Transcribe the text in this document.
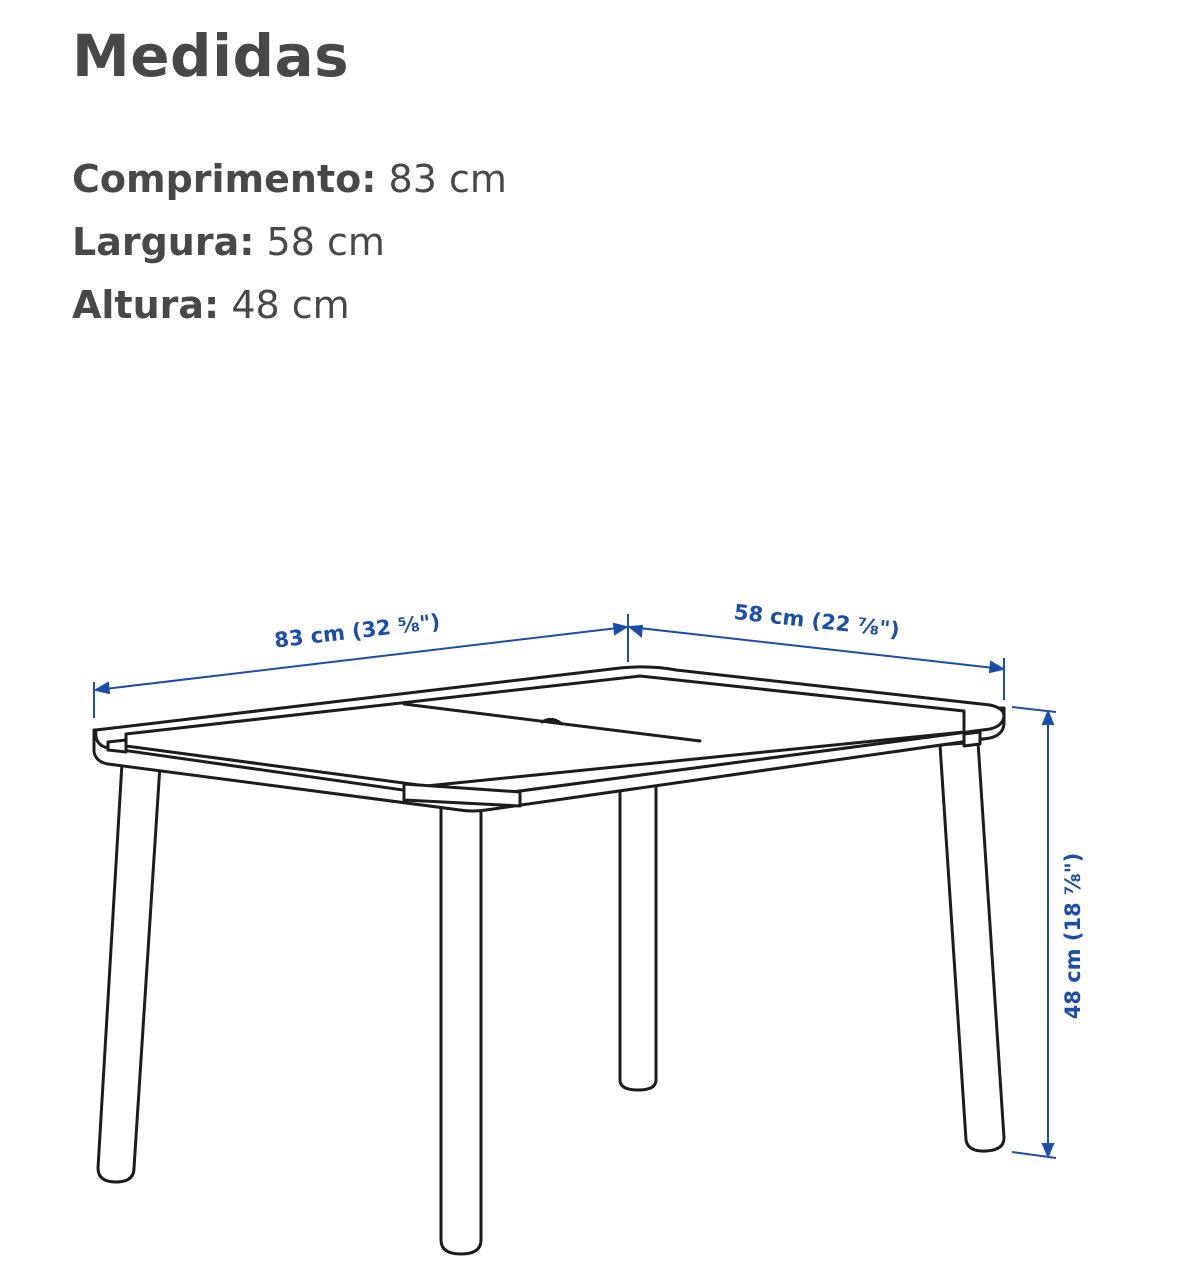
Medidas
Comprimento: 83 cm
Largura: 58 cm
Altura: 48 cm
83 cm (32 ⅝")	58 cm (22 ⅞")
48 cm (18 ⅞")
